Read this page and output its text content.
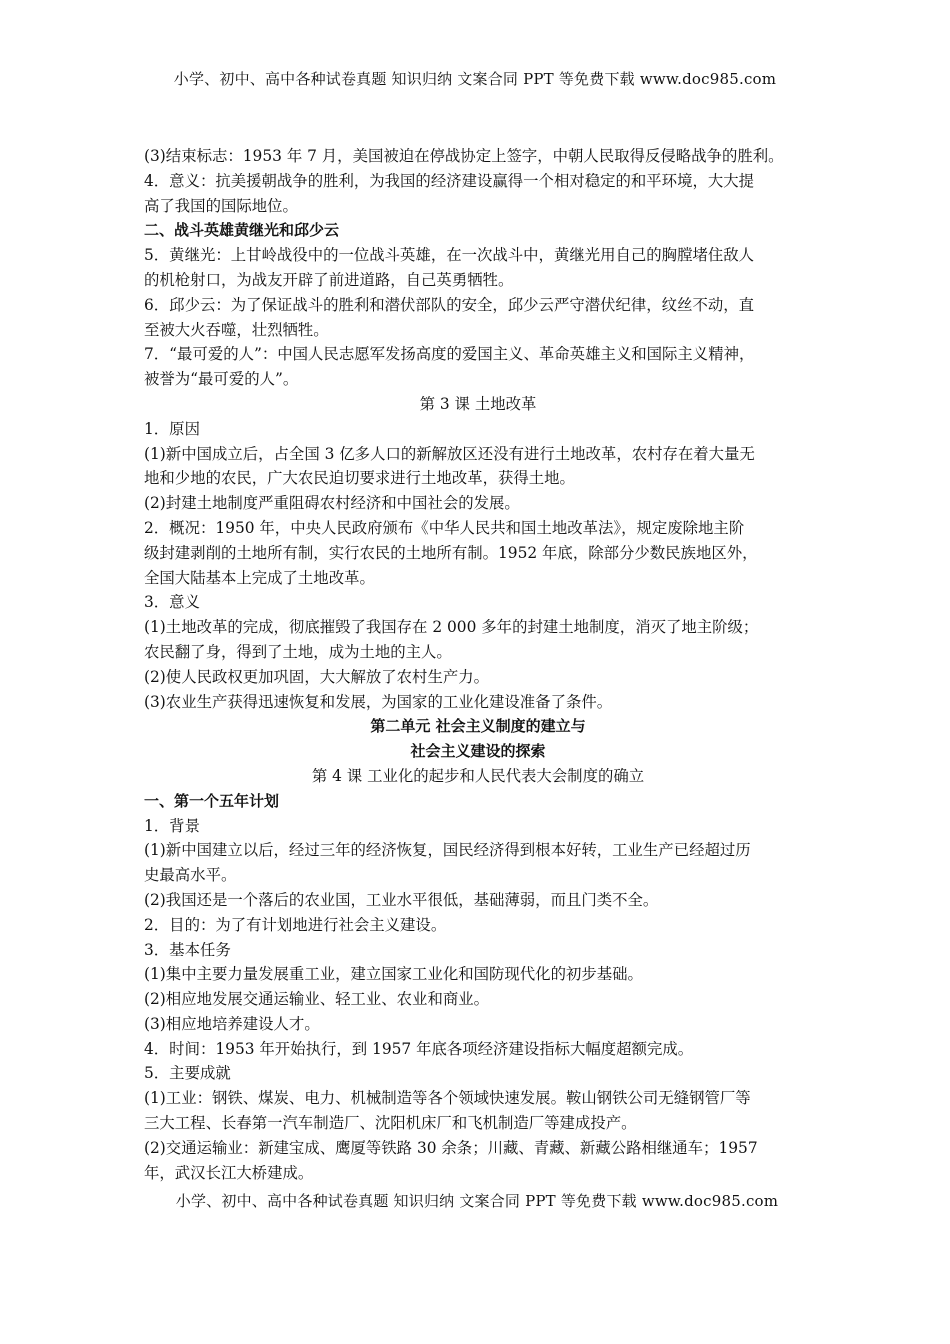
小学、初中、高中各种试卷真题 知识归纳 文案合同 PPT 等免费下载 www.doc985.com
(3)结束标志：1953 年 7 月，美国被迫在停战协定上签字，中朝人民取得反侵略战争的胜利。
4．意义：抗美援朝战争的胜利，为我国的经济建设赢得一个相对稳定的和平环境，大大提
高了我国的国际地位。
二、战斗英雄黄继光和邱少云
5．黄继光：上甘岭战役中的一位战斗英雄，在一次战斗中，黄继光用自己的胸膛堵住敌人
的机枪射口，为战友开辟了前进道路，自己英勇牺牲。
6．邱少云：为了保证战斗的胜利和潜伏部队的安全，邱少云严守潜伏纪律，纹丝不动，直
至被大火吞噬，壮烈牺牲。
7．“最可爱的人”：中国人民志愿军发扬高度的爱国主义、革命英雄主义和国际主义精神，
被誉为“最可爱的人”。
第 3 课 土地改革
1．原因
(1)新中国成立后，占全国 3 亿多人口的新解放区还没有进行土地改革，农村存在着大量无
地和少地的农民，广大农民迫切要求进行土地改革，获得土地。
(2)封建土地制度严重阻碍农村经济和中国社会的发展。
2．概况：1950 年，中央人民政府颁布《中华人民共和国土地改革法》，规定废除地主阶
级封建剥削的土地所有制，实行农民的土地所有制。1952 年底，除部分少数民族地区外，
全国大陆基本上完成了土地改革。
3．意义
(1)土地改革的完成，彻底摧毁了我国存在 2 000 多年的封建土地制度，消灭了地主阶级；
农民翻了身，得到了土地，成为土地的主人。
(2)使人民政权更加巩固，大大解放了农村生产力。
(3)农业生产获得迅速恢复和发展，为国家的工业化建设准备了条件。
第二单元 社会主义制度的建立与
社会主义建设的探索
第 4 课 工业化的起步和人民代表大会制度的确立
一、第一个五年计划
1．背景
(1)新中国建立以后，经过三年的经济恢复，国民经济得到根本好转，工业生产已经超过历
史最高水平。
(2)我国还是一个落后的农业国，工业水平很低，基础薄弱，而且门类不全。
2．目的：为了有计划地进行社会主义建设。
3．基本任务
(1)集中主要力量发展重工业，建立国家工业化和国防现代化的初步基础。
(2)相应地发展交通运输业、轻工业、农业和商业。
(3)相应地培养建设人才。
4．时间：1953 年开始执行，到 1957 年底各项经济建设指标大幅度超额完成。
5．主要成就
(1)工业：钢铁、煤炭、电力、机械制造等各个领域快速发展。鞍山钢铁公司无缝钢管厂等
三大工程、长春第一汽车制造厂、沈阳机床厂和飞机制造厂等建成投产。
(2)交通运输业：新建宝成、鹰厦等铁路 30 余条；川藏、青藏、新藏公路相继通车；1957
年，武汉长江大桥建成。
小学、初中、高中各种试卷真题 知识归纳 文案合同 PPT 等免费下载 www.doc985.com
